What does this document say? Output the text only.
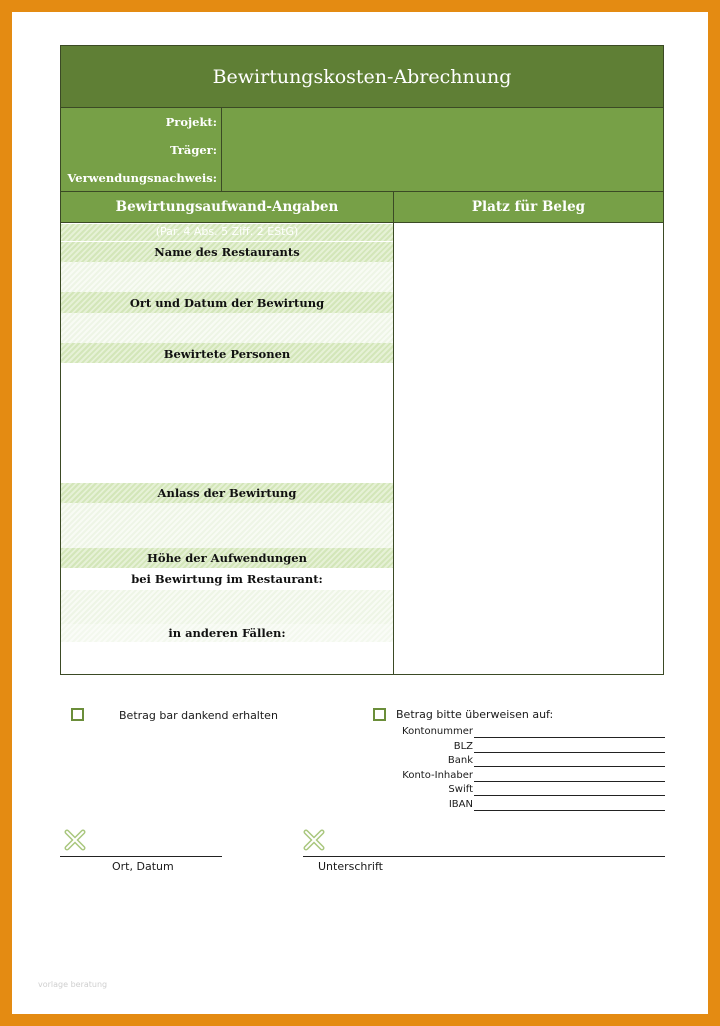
Bewirtungskosten-Abrechnung
Projekt:
Träger:
Verwendungsnachweis:
Bewirtungsaufwand-Angaben	Platz für Beleg
(Par. 4 Abs. 5 Ziff. 2 EStG)
Name des Restaurants
Ort und Datum der Bewirtung
Bewirtete Personen
Anlass der Bewirtung
Höhe der Aufwendungen
bei Bewirtung im Restaurant:
in anderen Fällen:
Betrag bar dankend erhalten	Betrag bitte überweisen auf:
Kontonummer
BLZ
Bank
Konto-Inhaber
Swift
IBAN
Ort, Datum	Unterschrift
vorlage beratung
